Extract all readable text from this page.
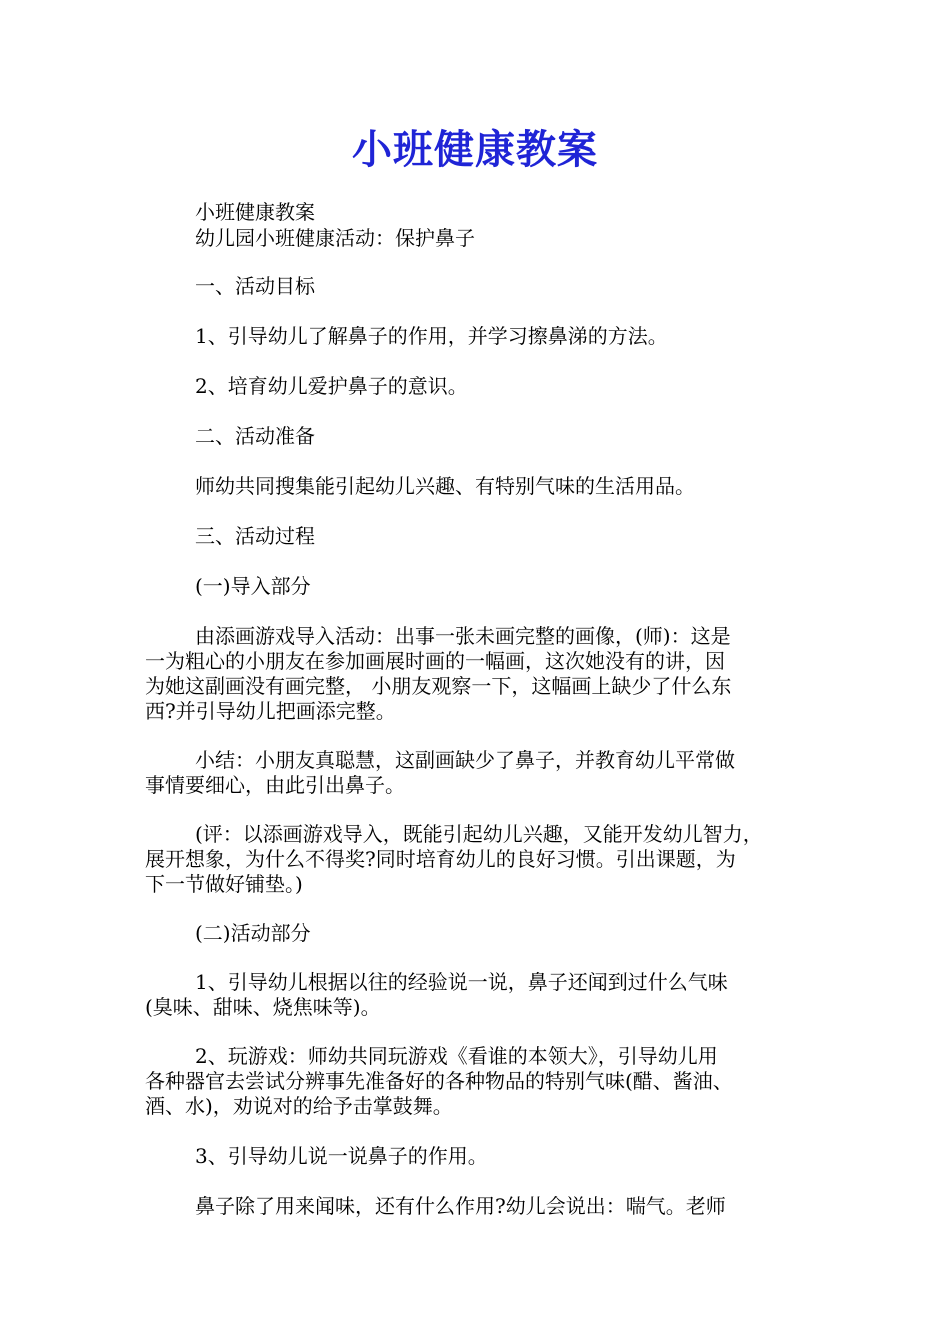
小班健康教案
小班健康教案
幼儿园小班健康活动：保护鼻子
一、活动目标
1、引导幼儿了解鼻子的作用，并学习擦鼻涕的方法。
2、培育幼儿爱护鼻子的意识。
二、活动准备
师幼共同搜集能引起幼儿兴趣、有特别气味的生活用品。
三、活动过程
(一)导入部分
由添画游戏导入活动：出事一张未画完整的画像，(师)：这是
一为粗心的小朋友在参加画展时画的一幅画，这次她没有的讲，因
为她这副画没有画完整， 小朋友观察一下，这幅画上缺少了什么东
西?并引导幼儿把画添完整。
小结：小朋友真聪慧，这副画缺少了鼻子，并教育幼儿平常做
事情要细心，由此引出鼻子。
(评：以添画游戏导入，既能引起幼儿兴趣，又能开发幼儿智力，
展开想象，为什么不得奖?同时培育幼儿的良好习惯。引出课题，为
下一节做好铺垫。)
(二)活动部分
1、引导幼儿根据以往的经验说一说，鼻子还闻到过什么气味
(臭味、甜味、烧焦味等)。
2、玩游戏：师幼共同玩游戏《看谁的本领大》，引导幼儿用
各种器官去尝试分辨事先准备好的各种物品的特别气味(醋、酱油、
酒、水)，劝说对的给予击掌鼓舞。
3、引导幼儿说一说鼻子的作用。
鼻子除了用来闻味，还有什么作用?幼儿会说出：喘气。老师
